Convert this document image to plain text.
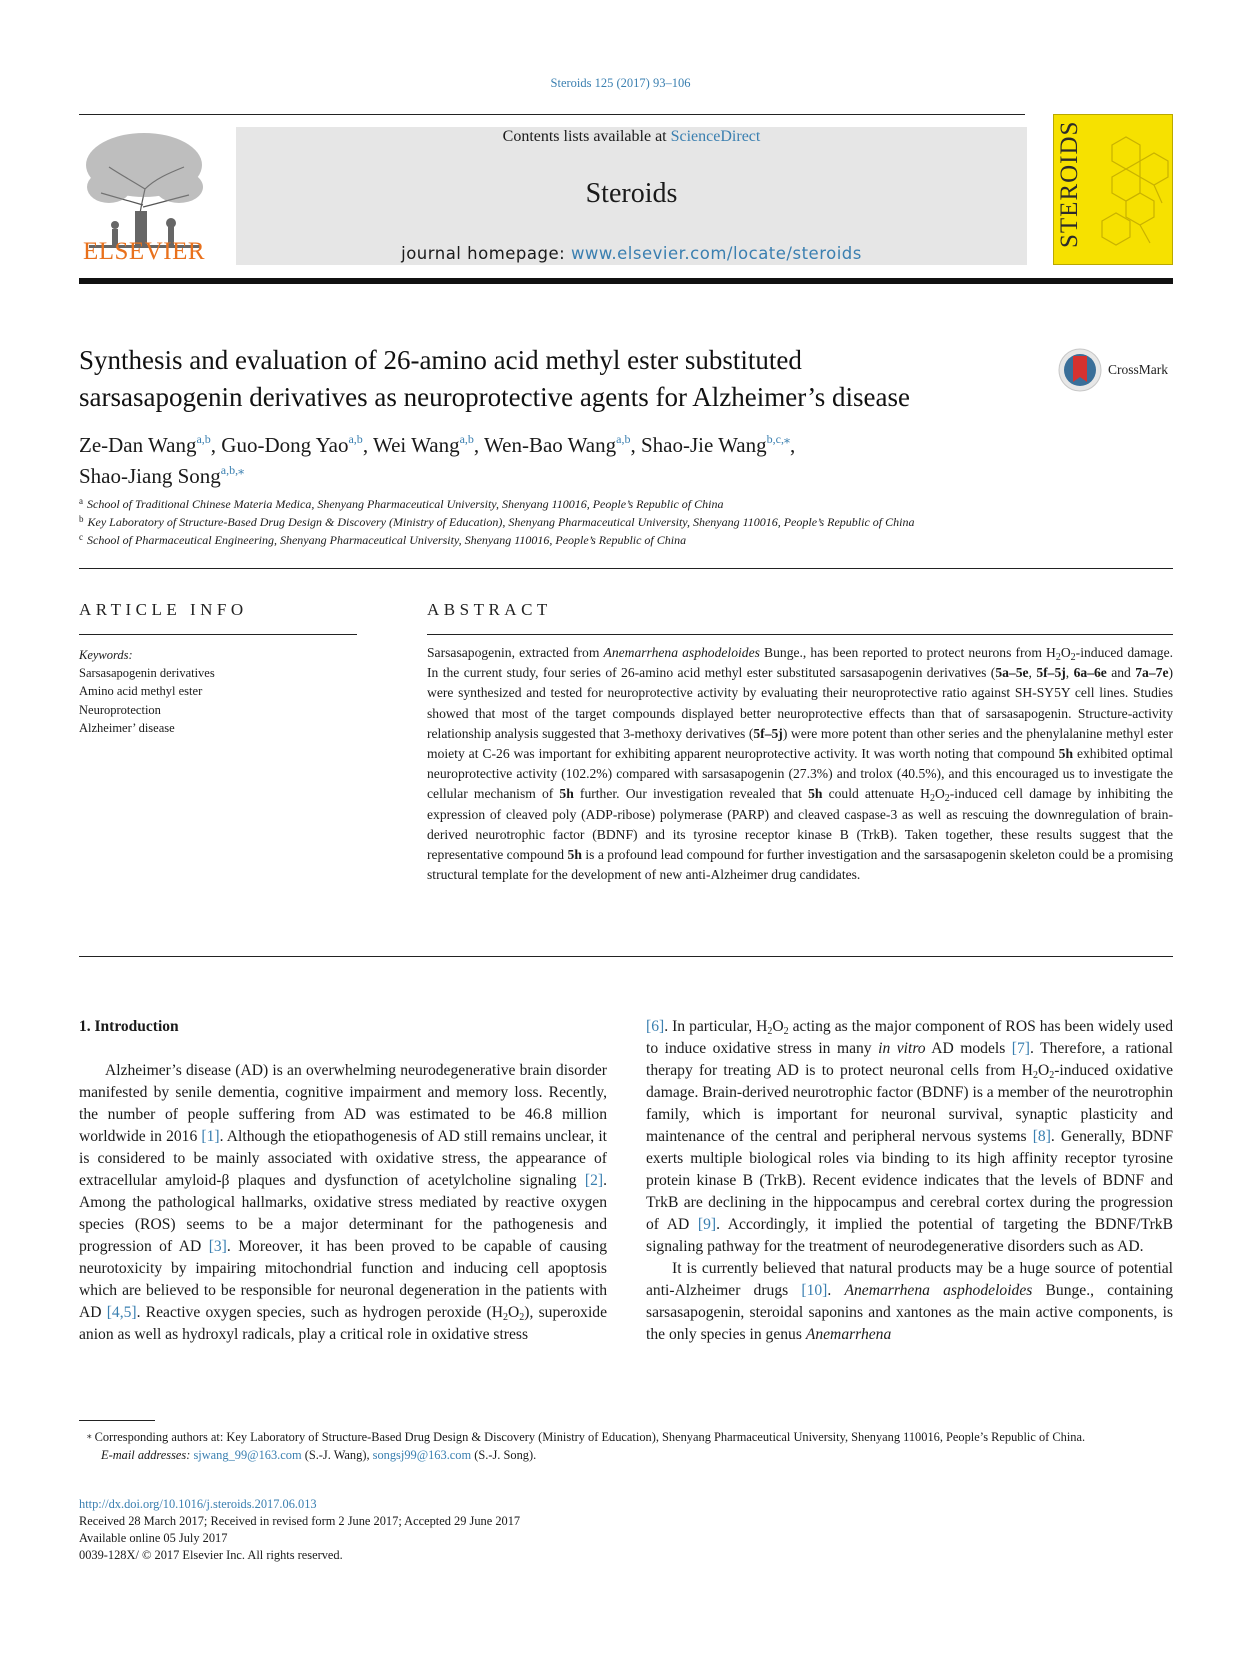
Steroids 125 (2017) 93–106
ELSEVIER
Contents lists available at ScienceDirect
Steroids
journal homepage: www.elsevier.com/locate/steroids
STEROIDS
Synthesis and evaluation of 26-amino acid methyl ester substituted
sarsasapogenin derivatives as neuroprotective agents for Alzheimer’s disease
CrossMark
Ze-Dan Wang$^{a,b}$, Guo-Dong Yao$^{a,b}$, Wei Wang$^{a,b}$, Wen-Bao Wang$^{a,b}$, Shao-Jie Wang$^{b,c,⁎}$,
Shao-Jiang Song$^{a,b,⁎}$
$^a$ School of Traditional Chinese Materia Medica, Shenyang Pharmaceutical University, Shenyang 110016, People’s Republic of China
$^b$ Key Laboratory of Structure-Based Drug Design & Discovery (Ministry of Education), Shenyang Pharmaceutical University, Shenyang 110016, People’s Republic of China
$^c$ School of Pharmaceutical Engineering, Shenyang Pharmaceutical University, Shenyang 110016, People’s Republic of China
ARTICLE INFO	ABSTRACT
Keywords:
Sarsasapogenin derivatives
Amino acid methyl ester
Neuroprotection
Alzheimer’ disease
Sarsasapogenin, extracted from Anemarrhena asphodeloides Bunge., has been reported to protect neurons from $H_2O_2$-induced damage. In the current study, four series of 26-amino acid methyl ester substituted sarsasapogenin derivatives (5a–5e, 5f–5j, 6a–6e and 7a–7e) were synthesized and tested for neuroprotective activity by evaluating their neuroprotective ratio against SH-SY5Y cell lines. Studies showed that most of the target compounds displayed better neuroprotective effects than that of sarsasapogenin. Structure-activity relationship analysis suggested that 3-methoxy derivatives (5f–5j) were more potent than other series and the phenylalanine methyl ester moiety at C-26 was important for exhibiting apparent neuroprotective activity. It was worth noting that compound 5h exhibited optimal neuroprotective activity (102.2%) compared with sarsasapogenin (27.3%) and trolox (40.5%), and this encouraged us to investigate the cellular mechanism of 5h further. Our investigation revealed that 5h could attenuate $H_2O_2$-induced cell damage by inhibiting the expression of cleaved poly (ADP-ribose) polymerase (PARP) and cleaved caspase-3 as well as rescuing the downregulation of brain-derived neurotrophic factor (BDNF) and its tyrosine receptor kinase B (TrkB). Taken together, these results suggest that the representative compound 5h is a profound lead compound for further investigation and the sarsasapogenin skeleton could be a promising structural template for the development of new anti-Alzheimer drug candidates.
1. Introduction

Alzheimer’s disease (AD) is an overwhelming neurodegenerative brain disorder manifested by senile dementia, cognitive impairment and memory loss. Recently, the number of people suffering from AD was estimated to be 46.8 million worldwide in 2016 [1]. Although the etiopathogenesis of AD still remains unclear, it is considered to be mainly associated with oxidative stress, the appearance of extracellular amyloid-β plaques and dysfunction of acetylcholine signaling [2]. Among the pathological hallmarks, oxidative stress mediated by reactive oxygen species (ROS) seems to be a major determinant for the pathogenesis and progression of AD [3]. Moreover, it has been proved to be capable of causing neurotoxicity by impairing mitochondrial function and inducing cell apoptosis which are believed to be responsible for neuronal degeneration in the patients with AD [4,5]. Reactive oxygen species, such as hydrogen peroxide $(H_2O_2)$, superoxide anion as well as hydroxyl radicals, play a critical role in oxidative stress

[6]. In particular, $H_2O_2$ acting as the major component of ROS has been widely used to induce oxidative stress in many in vitro AD models [7]. Therefore, a rational therapy for treating AD is to protect neuronal cells from $H_2O_2$-induced oxidative damage. Brain-derived neurotrophic factor (BDNF) is a member of the neurotrophin family, which is important for neuronal survival, synaptic plasticity and maintenance of the central and peripheral nervous systems [8]. Generally, BDNF exerts multiple biological roles via binding to its high affinity receptor tyrosine protein kinase B (TrkB). Recent evidence indicates that the levels of BDNF and TrkB are declining in the hippocampus and cerebral cortex during the progression of AD [9]. Accordingly, it implied the potential of targeting the BDNF/TrkB signaling pathway for the treatment of neurodegenerative disorders such as AD.

It is currently believed that natural products may be a huge source of potential anti-Alzheimer drugs [10]. Anemarrhena asphodeloides Bunge., containing sarsasapogenin, steroidal saponins and xantones as the main active components, is the only species in genus Anemarrhena

⁎ Corresponding authors at: Key Laboratory of Structure-Based Drug Design & Discovery (Ministry of Education), Shenyang Pharmaceutical University, Shenyang 110016, People’s Republic of China.
E-mail addresses: sjwang_99@163.com (S.-J. Wang), songsj99@163.com (S.-J. Song).
http://dx.doi.org/10.1016/j.steroids.2017.06.013
Received 28 March 2017; Received in revised form 2 June 2017; Accepted 29 June 2017
Available online 05 July 2017
0039-128X/ © 2017 Elsevier Inc. All rights reserved.
